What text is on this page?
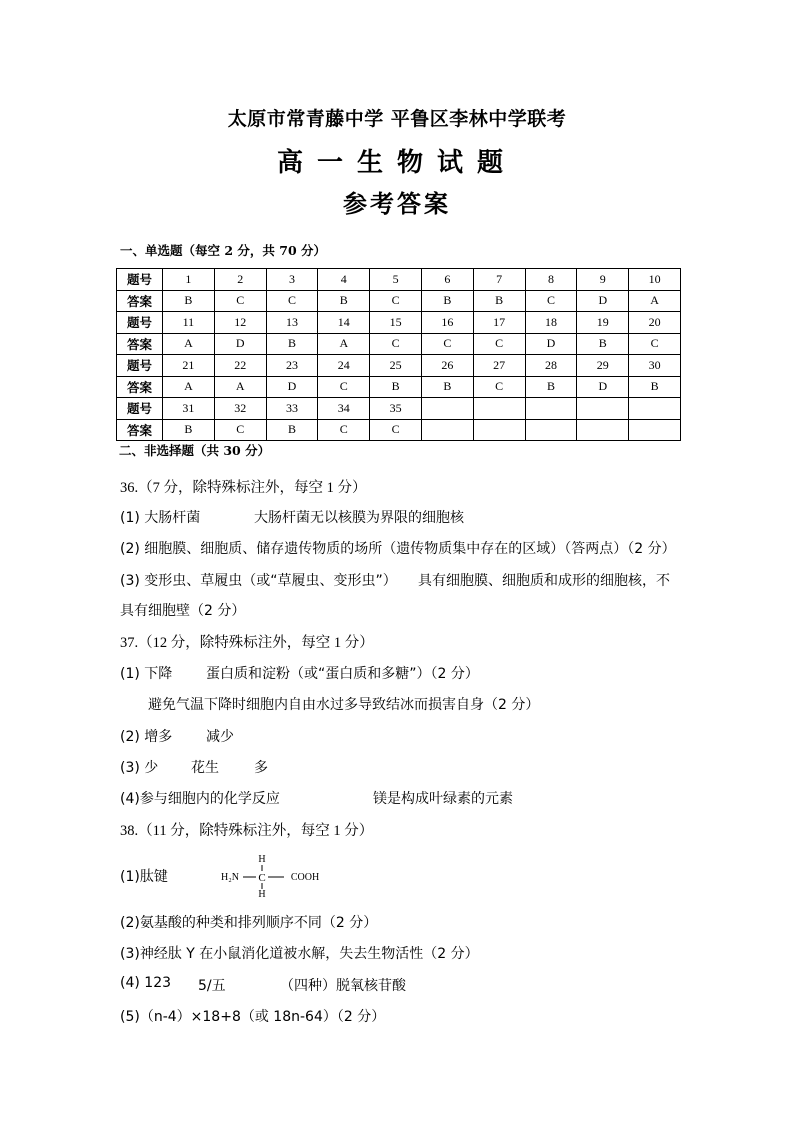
太原市常青藤中学 平鲁区李林中学联考
高一生物试题
参考答案
一、单选题（每空 2 分，共 70 分）
题号	1	2	3	4	5	6	7	8	9	10
答案	B	C	C	B	C	B	B	C	D	A
题号	11	12	13	14	15	16	17	18	19	20
答案	A	D	B	A	C	C	C	D	B	C
题号	21	22	23	24	25	26	27	28	29	30
答案	A	A	D	C	B	B	C	B	D	B
题号	31	32	33	34	35					
答案	B	C	B	C	C					
二、非选择题（共 30 分）
36.（7 分，除特殊标注外，每空 1 分）
(1) 大肠杆菌	大肠杆菌无以核膜为界限的细胞核
(2) 细胞膜、细胞质、储存遗传物质的场所（遗传物质集中存在的区域）（答两点）（2 分）
(3) 变形虫、草履虫（或“草履虫、变形虫”） 具有细胞膜、细胞质和成形的细胞核，不
具有细胞壁（2 分）
37.（12 分，除特殊标注外，每空 1 分）
(1) 下降 蛋白质和淀粉（或“蛋白质和多糖”）（2 分）
避免气温下降时细胞内自由水过多导致结冰而损害自身（2 分）
(2) 增多 减少
(3) 少 花生	多
(4)参与细胞内的化学反应	镁是构成叶绿素的元素
38.（11 分，除特殊标注外，每空 1 分）
(1)肽键
H
H₂N C	COOH
H
(2)氨基酸的种类和排列顺序不同（2 分）
(3)神经肽 Y 在小鼠消化道被水解，失去生物活性（2 分）
(4) 123 5/五	（四种）脱氧核苷酸
(5)（n-4）×18+8（或 18n-64）（2 分）
